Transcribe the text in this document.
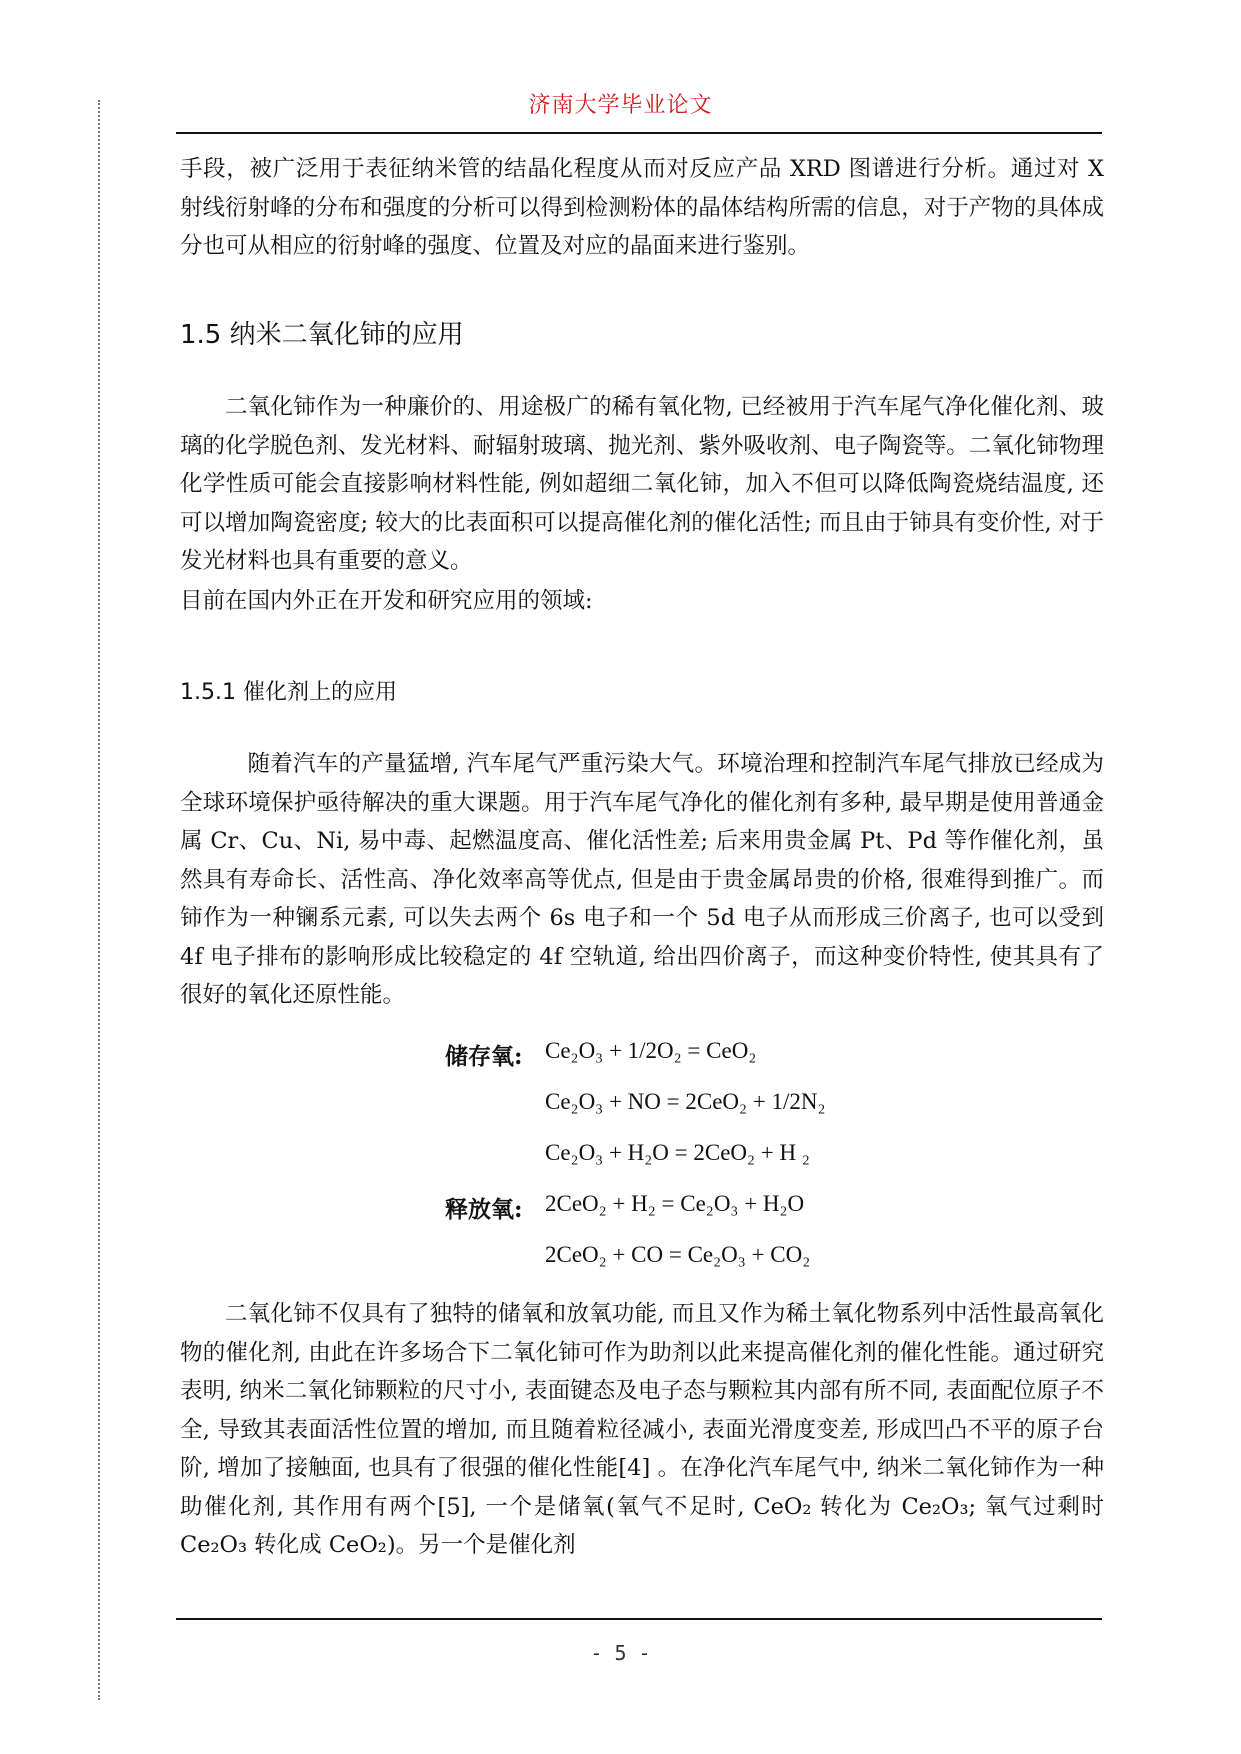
济南大学毕业论文

手段，被广泛用于表征纳米管的结晶化程度从而对反应产品 XRD 图谱进行分析。通过对 X 射线衍射峰的分布和强度的分析可以得到检测粉体的晶体结构所需的信息，对于产物的具体成分也可从相应的衍射峰的强度、位置及对应的晶面来进行鉴别。

1.5 纳米二氧化铈的应用

二氧化铈作为一种廉价的、用途极广的稀有氧化物, 已经被用于汽车尾气净化催化剂、玻璃的化学脱色剂、发光材料、耐辐射玻璃、抛光剂、紫外吸收剂、电子陶瓷等。二氧化铈物理化学性质可能会直接影响材料性能, 例如超细二氧化铈，加入不但可以降低陶瓷烧结温度, 还可以增加陶瓷密度; 较大的比表面积可以提高催化剂的催化活性; 而且由于铈具有变价性, 对于发光材料也具有重要的意义。

目前在国内外正在开发和研究应用的领域:

1.5.1 催化剂上的应用

随着汽车的产量猛增, 汽车尾气严重污染大气。环境治理和控制汽车尾气排放已经成为全球环境保护亟待解决的重大课题。用于汽车尾气净化的催化剂有多种, 最早期是使用普通金属 Cr、Cu、Ni, 易中毒、起燃温度高、催化活性差; 后来用贵金属 Pt、Pd 等作催化剂，虽然具有寿命长、活性高、净化效率高等优点, 但是由于贵金属昂贵的价格, 很难得到推广。而铈作为一种镧系元素, 可以失去两个 6s 电子和一个 5d 电子从而形成三价离子, 也可以受到 4f 电子排布的影响形成比较稳定的 4f 空轨道, 给出四价离子，而这种变价特性, 使其具有了很好的氧化还原性能。

储存氧: Ce₂O₃ + 1/2O₂ = CeO₂
Ce₂O₃ + NO = 2CeO₂ + 1/2N₂
Ce₂O₃ + H₂O = 2CeO₂ + H ₂
释放氧: 2CeO₂ + H₂ = Ce₂O₃ + H₂O
2CeO₂ + CO = Ce₂O₃ + CO₂

二氧化铈不仅具有了独特的储氧和放氧功能, 而且又作为稀土氧化物系列中活性最高氧化物的催化剂, 由此在许多场合下二氧化铈可作为助剂以此来提高催化剂的催化性能。通过研究表明, 纳米二氧化铈颗粒的尺寸小, 表面键态及电子态与颗粒其内部有所不同, 表面配位原子不全, 导致其表面活性位置的增加, 而且随着粒径减小, 表面光滑度变差, 形成凹凸不平的原子台阶, 增加了接触面, 也具有了很强的催化性能[4] 。在净化汽车尾气中, 纳米二氧化铈作为一种助催化剂, 其作用有两个[5], 一个是储氧(氧气不足时, CeO₂ 转化为 Ce₂O₃; 氧气过剩时 Ce₂O₃ 转化成 CeO₂)。另一个是催化剂

- 5 -
